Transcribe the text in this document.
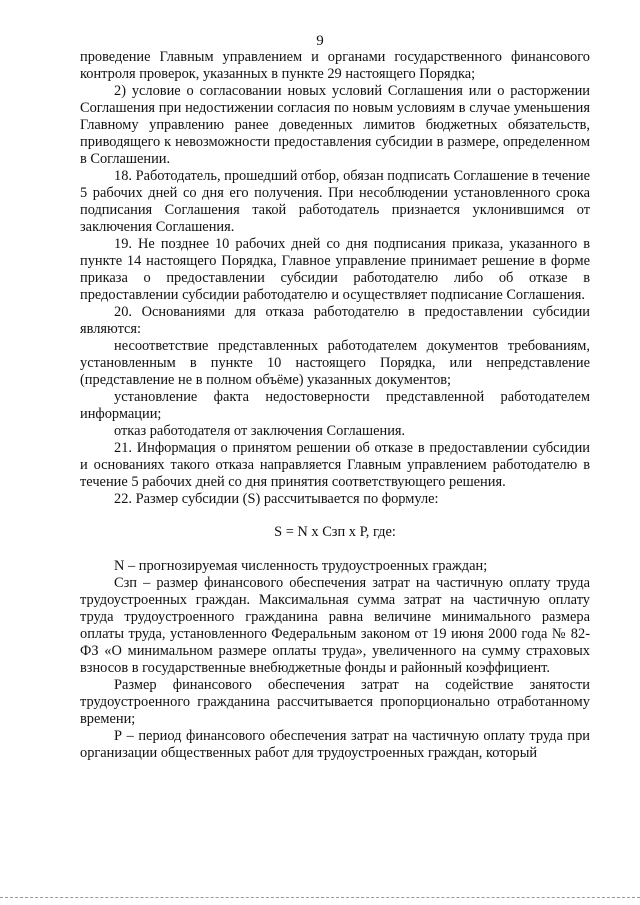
9

проведение Главным управлением и органами государственного финансового контроля проверок, указанных в пункте 29 настоящего Порядка;

2) условие о согласовании новых условий Соглашения или о расторжении Соглашения при недостижении согласия по новым условиям в случае уменьшения Главному управлению ранее доведенных лимитов бюджетных обязательств, приводящего к невозможности предоставления субсидии в размере, определенном в Соглашении.

18. Работодатель, прошедший отбор, обязан подписать Соглашение в течение 5 рабочих дней со дня его получения. При несоблюдении установленного срока подписания Соглашения такой работодатель признается уклонившимся от заключения Соглашения.

19. Не позднее 10 рабочих дней со дня подписания приказа, указанного в пункте 14 настоящего Порядка, Главное управление принимает решение в форме приказа о предоставлении субсидии работодателю либо об отказе в предоставлении субсидии работодателю и осуществляет подписание Соглашения.

20. Основаниями для отказа работодателю в предоставлении субсидии являются:

несоответствие представленных работодателем документов требованиям, установленным в пункте 10 настоящего Порядка, или непредставление (представление не в полном объёме) указанных документов;

установление факта недостоверности представленной работодателем информации;

отказ работодателя от заключения Соглашения.

21. Информация о принятом решении об отказе в предоставлении субсидии и основаниях такого отказа направляется Главным управлением работодателю в течение 5 рабочих дней со дня принятия соответствующего решения.

22. Размер субсидии (S) рассчитывается по формуле:

S = N х Сзп х Р, где:

N – прогнозируемая численность трудоустроенных граждан;

Сзп – размер финансового обеспечения затрат на частичную оплату труда трудоустроенных граждан. Максимальная сумма затрат на частичную оплату труда трудоустроенного гражданина равна величине минимального размера оплаты труда, установленного Федеральным законом от 19 июня 2000 года № 82-ФЗ «О минимальном размере оплаты труда», увеличенного на сумму страховых взносов в государственные внебюджетные фонды и районный коэффициент.

Размер финансового обеспечения затрат на содействие занятости трудоустроенного гражданина рассчитывается пропорционально отработанному времени;

Р – период финансового обеспечения затрат на частичную оплату труда при организации общественных работ для трудоустроенных граждан, который
